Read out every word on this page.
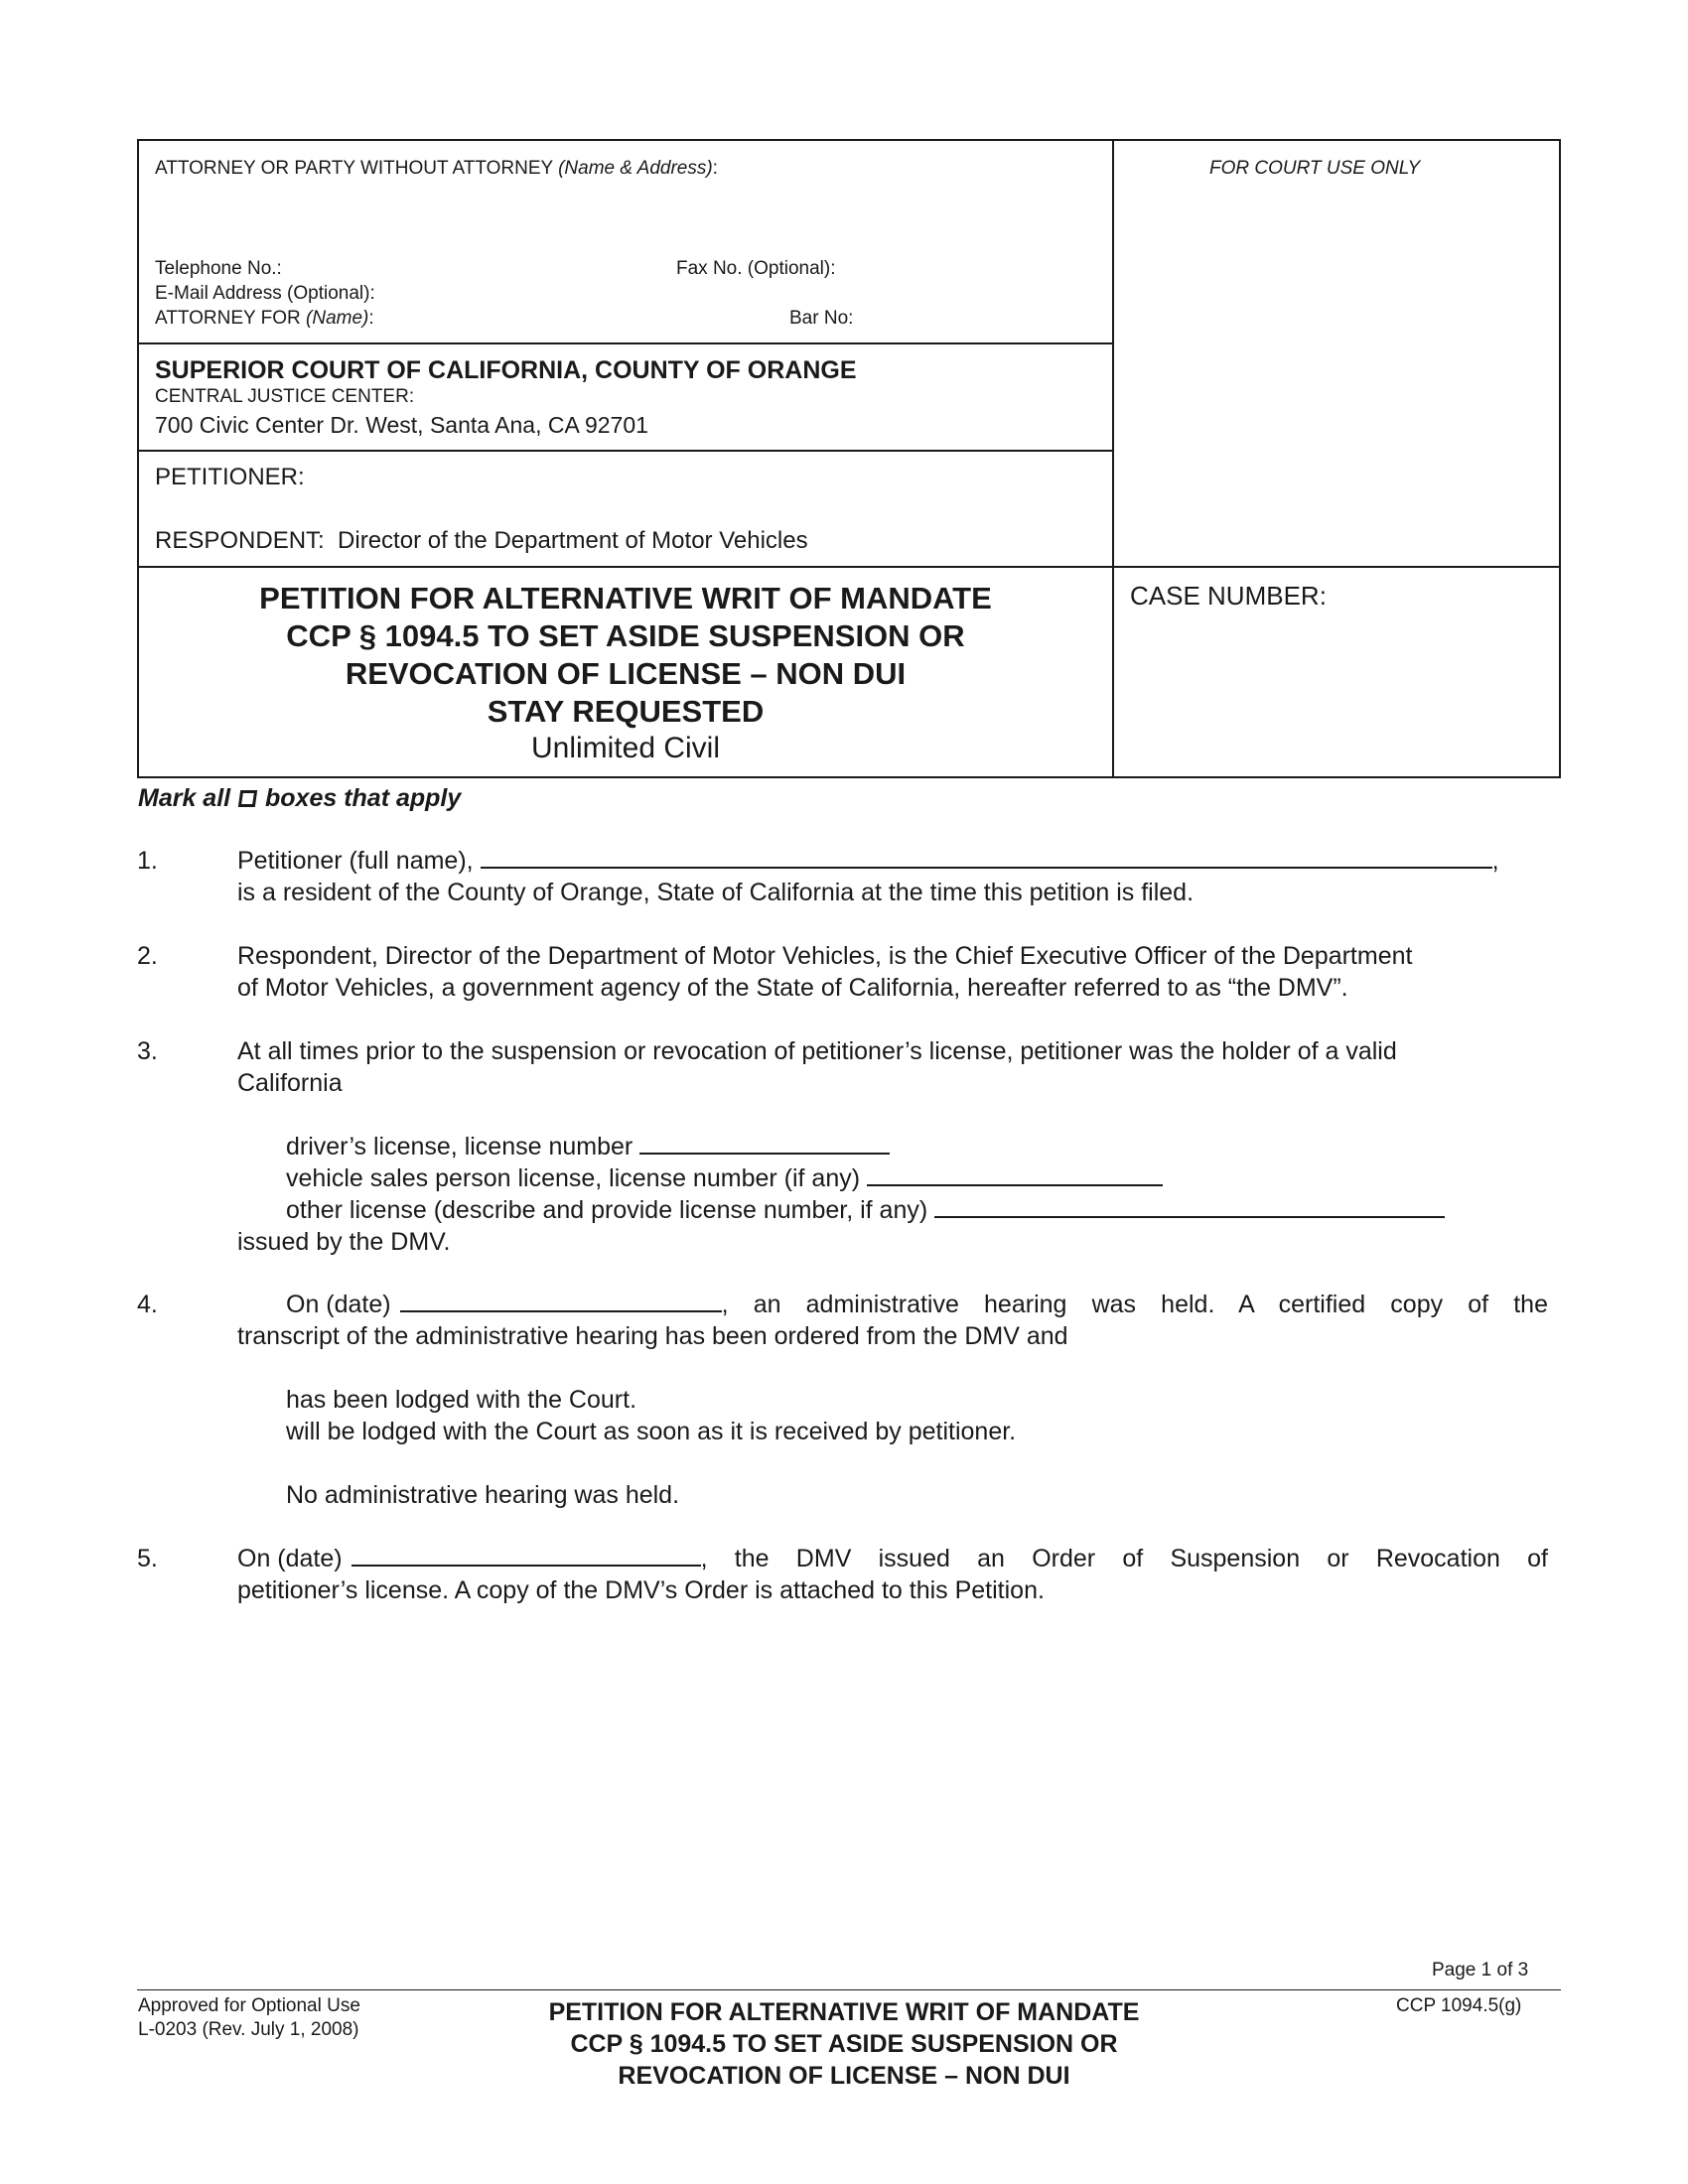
ATTORNEY OR PARTY WITHOUT ATTORNEY (Name & Address):	FOR COURT USE ONLY
Telephone No.:	Fax No. (Optional):
E-Mail Address (Optional):
ATTORNEY FOR (Name):	Bar No:
SUPERIOR COURT OF CALIFORNIA, COUNTY OF ORANGE
CENTRAL JUSTICE CENTER:
700 Civic Center Dr. West, Santa Ana, CA 92701
PETITIONER:
RESPONDENT: Director of the Department of Motor Vehicles
PETITION FOR ALTERNATIVE WRIT OF MANDATE
CCP § 1094.5 TO SET ASIDE SUSPENSION OR
REVOCATION OF LICENSE – NON DUI
STAY REQUESTED
Unlimited Civil
CASE NUMBER:
Mark all boxes that apply
1.	Petitioner (full name),	,
is a resident of the County of Orange, State of California at the time this petition is filed.
2.	Respondent, Director of the Department of Motor Vehicles, is the Chief Executive Officer of the Department
of Motor Vehicles, a government agency of the State of California, hereafter referred to as “the DMV”.
3.	At all times prior to the suspension or revocation of petitioner’s license, petitioner was the holder of a valid
California
driver’s license, license number
vehicle sales person license, license number (if any)
other license (describe and provide license number, if any)
issued by the DMV.
4.	On (date)	, an administrative hearing was held. A certified copy of the
transcript of the administrative hearing has been ordered from the DMV and
has been lodged with the Court.
will be lodged with the Court as soon as it is received by petitioner.
No administrative hearing was held.
5.	On (date)	, the DMV issued an Order of Suspension or Revocation of
petitioner’s license. A copy of the DMV’s Order is attached to this Petition.
Page 1 of 3
Approved for Optional Use
L-0203 (Rev. July 1, 2008)
PETITION FOR ALTERNATIVE WRIT OF MANDATE
CCP § 1094.5 TO SET ASIDE SUSPENSION OR
REVOCATION OF LICENSE – NON DUI
CCP 1094.5(g)
